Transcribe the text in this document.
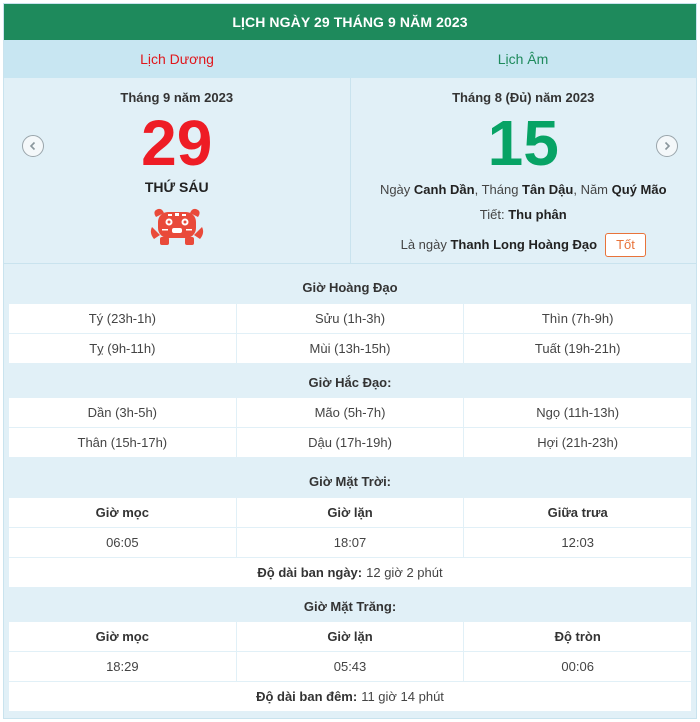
LỊCH NGÀY 29 THÁNG 9 NĂM 2023
Lịch Dương	Lịch Âm
Tháng 9 năm 2023
29
THỨ SÁU
Tháng 8 (Đủ) năm 2023
15
Ngày Canh Dần, Tháng Tân Dậu, Năm Quý Mão
Tiết: Thu phân
Là ngày Thanh Long Hoàng Đạo	Tốt
Giờ Hoàng Đạo
Tý (23h-1h)	Sửu (1h-3h)	Thìn (7h-9h)
Tỵ (9h-11h)	Mùi (13h-15h)	Tuất (19h-21h)
Giờ Hắc Đạo:
Dần (3h-5h)	Mão (5h-7h)	Ngọ (11h-13h)
Thân (15h-17h)	Dậu (17h-19h)	Hợi (21h-23h)
Giờ Mặt Trời:
Giờ mọc	Giờ lặn	Giữa trưa
06:05	18:07	12:03
Độ dài ban ngày: 12 giờ 2 phút
Giờ Mặt Trăng:
Giờ mọc	Giờ lặn	Độ tròn
18:29	05:43	00:06
Độ dài ban đêm: 11 giờ 14 phút
